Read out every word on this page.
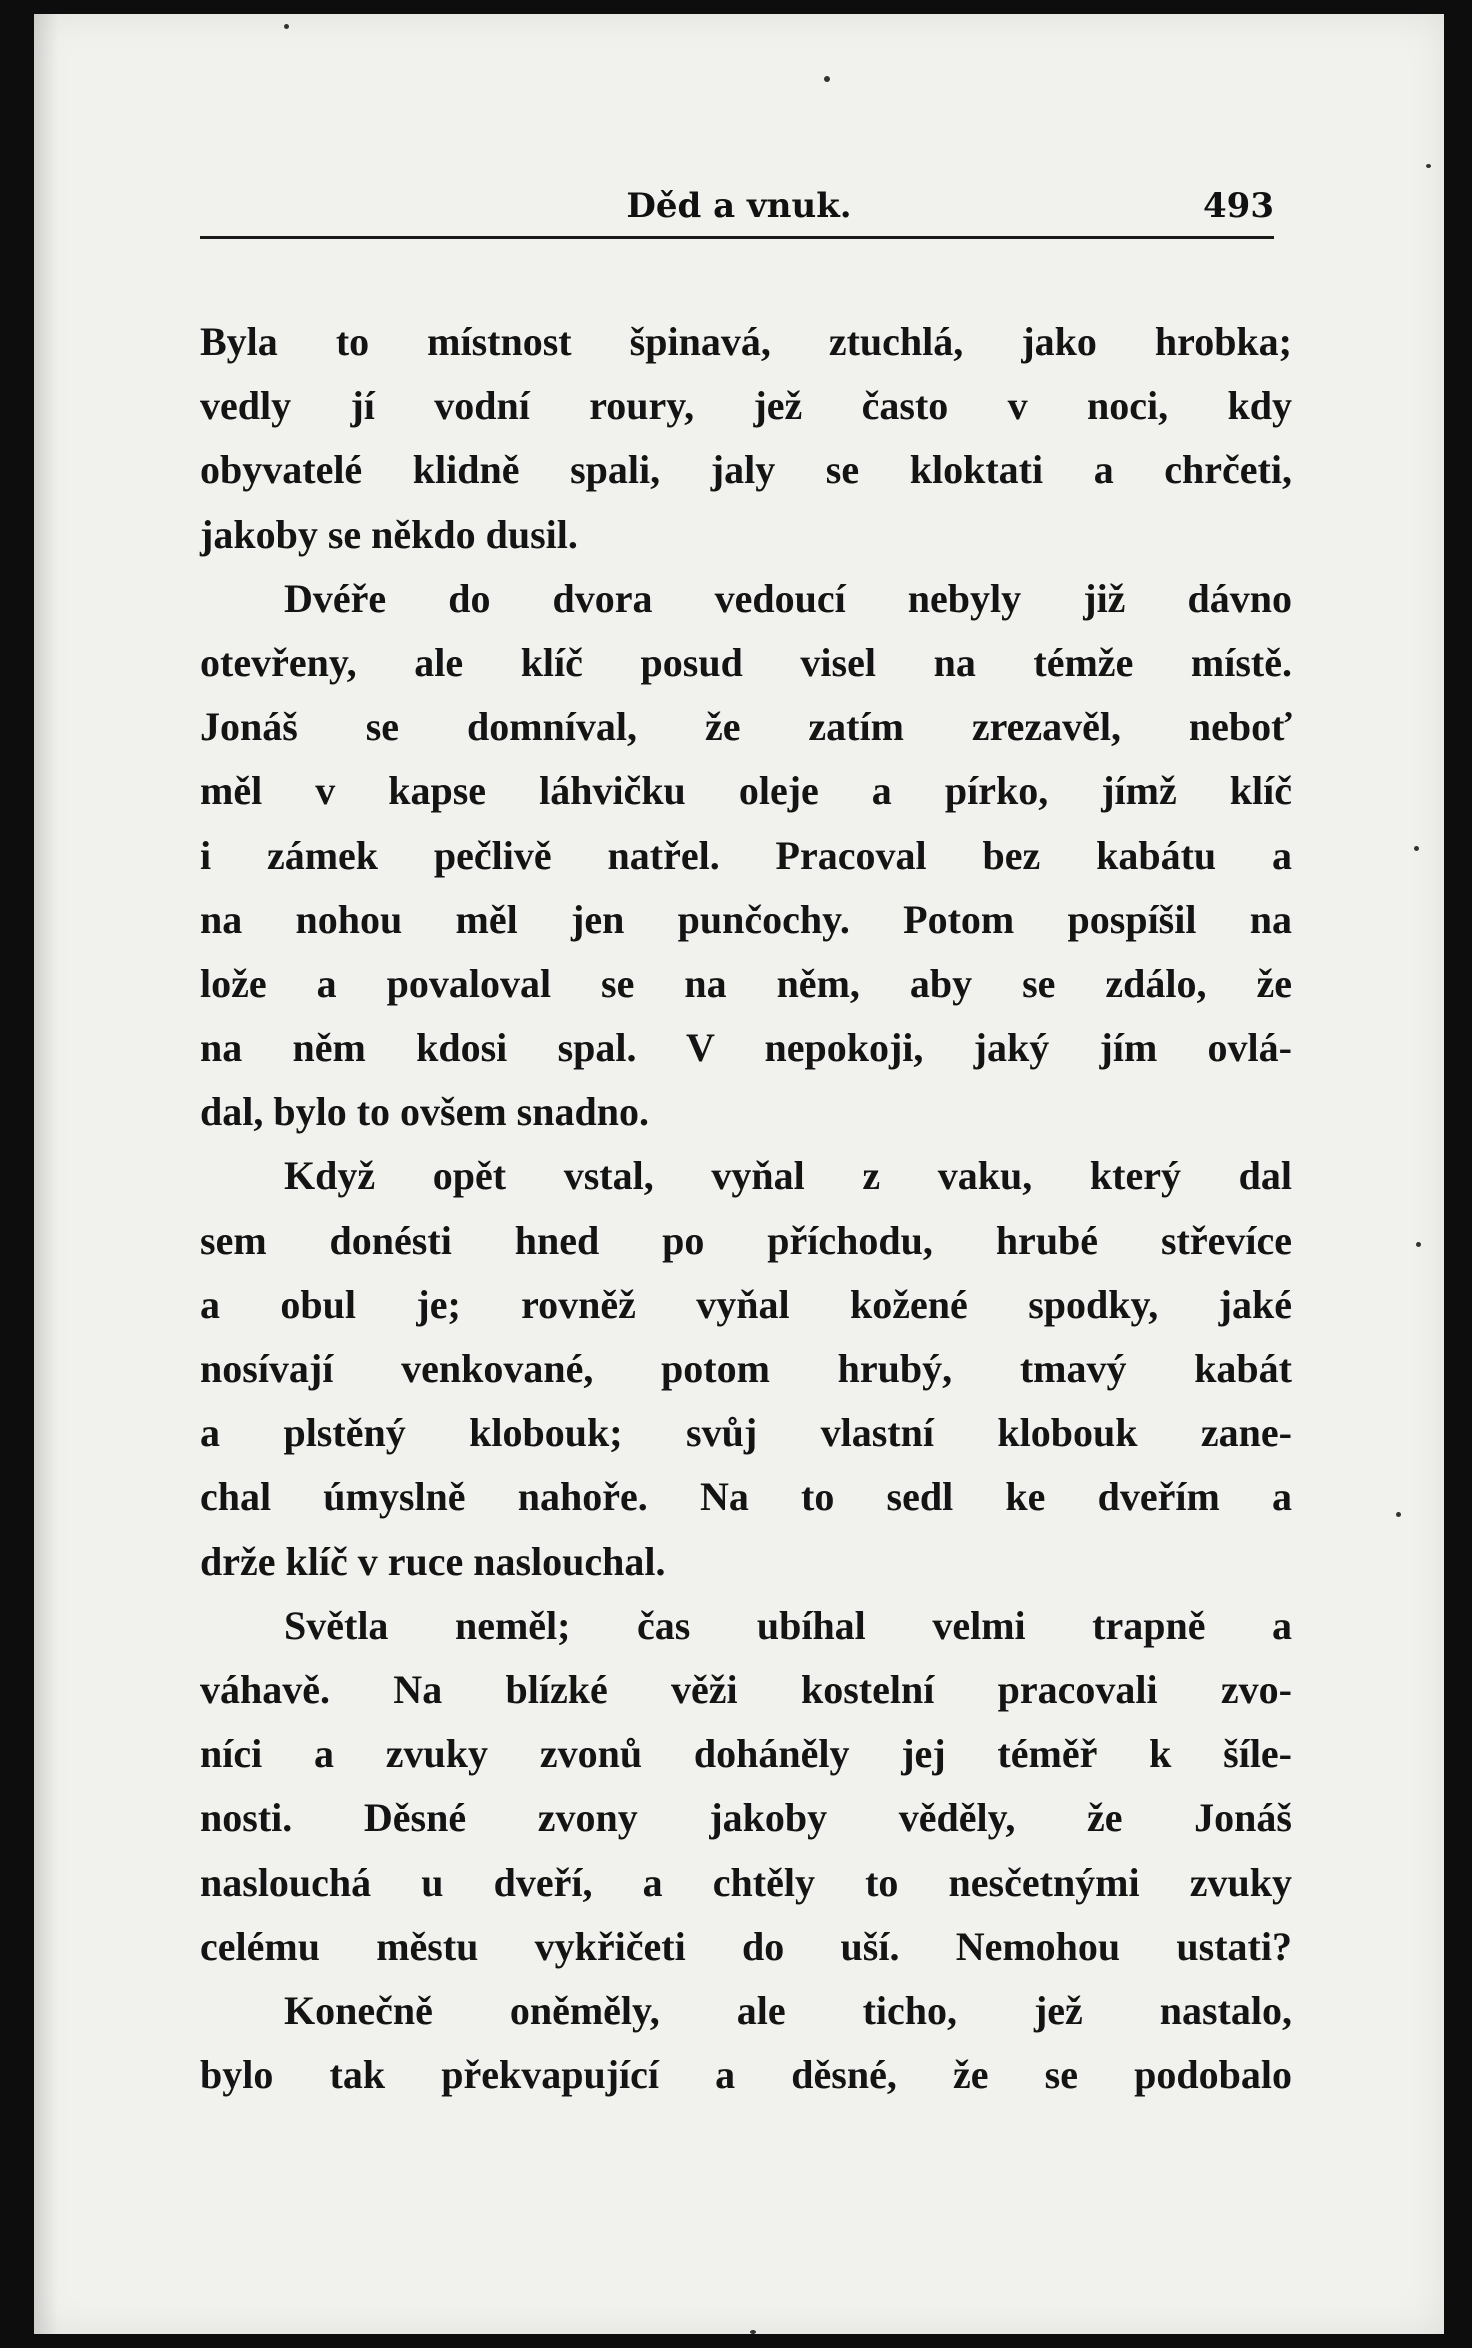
Děd a vnuk.	493
Byla to místnost špinavá, ztuchlá, jako hrobka;
vedly jí vodní roury, jež často v noci, kdy
obyvatelé klidně spali, jaly se kloktati a chrčeti,
jakoby se někdo dusil.
Dvéře do dvora vedoucí nebyly již dávno
otevřeny, ale klíč posud visel na témže místě.
Jonáš se domníval, že zatím zrezavěl, neboť
měl v kapse láhvičku oleje a pírko, jímž klíč
i zámek pečlivě natřel. Pracoval bez kabátu a
na nohou měl jen punčochy. Potom pospíšil na
lože a povaloval se na něm, aby se zdálo, že
na něm kdosi spal. V nepokoji, jaký jím ovlá-
dal, bylo to ovšem snadno.
Když opět vstal, vyňal z vaku, který dal
sem donésti hned po příchodu, hrubé střevíce
a obul je; rovněž vyňal kožené spodky, jaké
nosívají venkované, potom hrubý, tmavý kabát
a plstěný klobouk; svůj vlastní klobouk zane-
chal úmyslně nahoře. Na to sedl ke dveřím a
drže klíč v ruce naslouchal.
Světla neměl; čas ubíhal velmi trapně a
váhavě. Na blízké věži kostelní pracovali zvo-
níci a zvuky zvonů doháněly jej téměř k šíle-
nosti. Děsné zvony jakoby věděly, že Jonáš
naslouchá u dveří, a chtěly to nesčetnými zvuky
celému městu vykřičeti do uší. Nemohou ustati?
Konečně oněměly, ale ticho, jež nastalo,
bylo tak překvapující a děsné, že se podobalo
